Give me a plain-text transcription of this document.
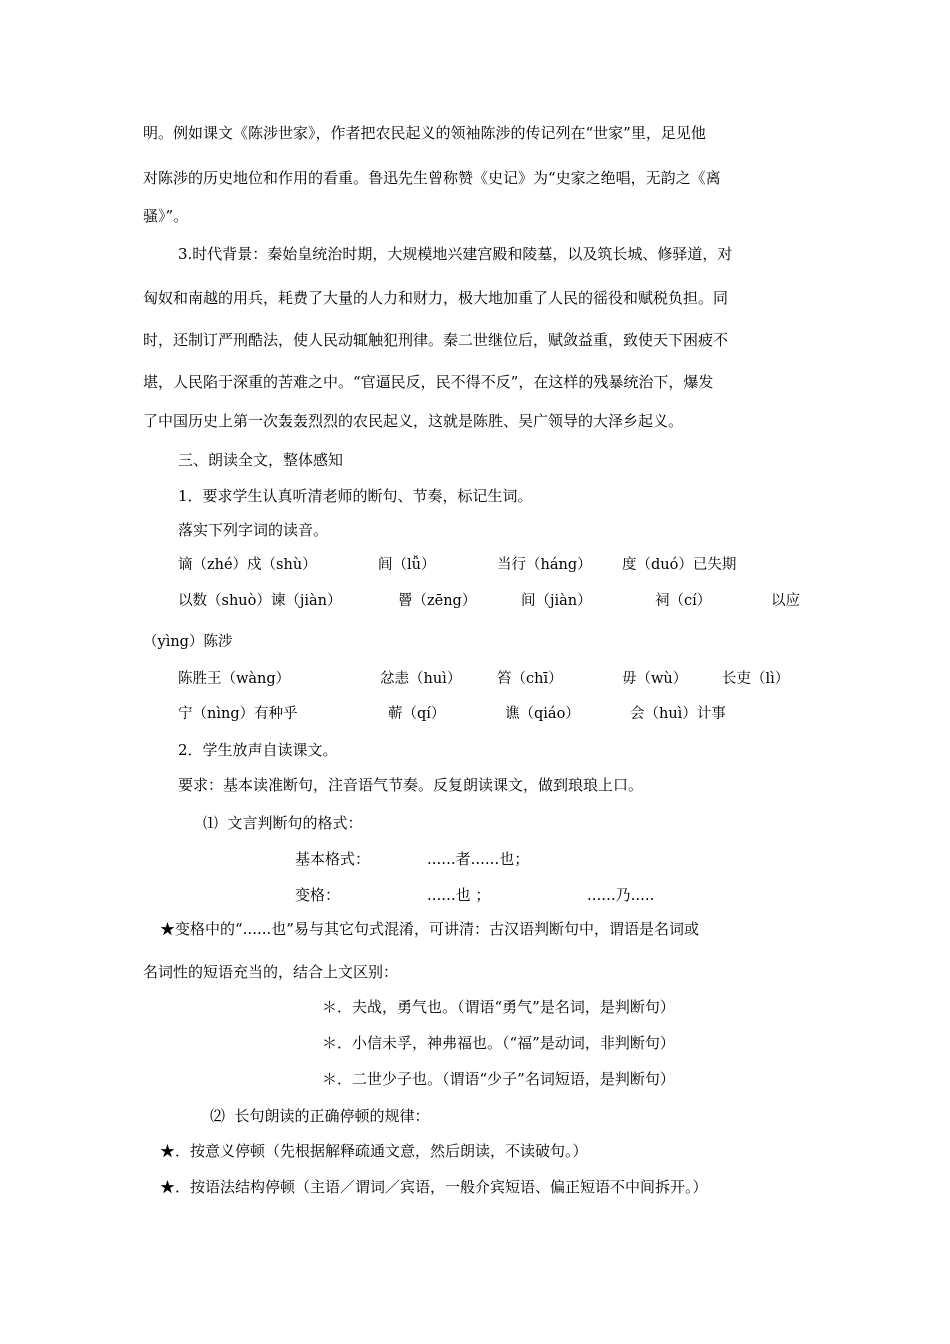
明。例如课文《陈涉世家》，作者把农民起义的领袖陈涉的传记列在“世家”里，足见他
对陈涉的历史地位和作用的看重。鲁迅先生曾称赞《史记》为“史家之绝唱，无韵之《离
骚》”。
3.时代背景：秦始皇统治时期，大规模地兴建宫殿和陵墓，以及筑长城、修驿道，对
匈奴和南越的用兵，耗费了大量的人力和财力，极大地加重了人民的徭役和赋税负担。同
时，还制订严刑酷法，使人民动辄触犯刑律。秦二世继位后，赋敛益重，致使天下困疲不
堪，人民陷于深重的苦难之中。“官逼民反，民不得不反”，在这样的残暴统治下，爆发
了中国历史上第一次轰轰烈烈的农民起义，这就是陈胜、吴广领导的大泽乡起义。
三、朗读全文，整体感知
1．要求学生认真听清老师的断句、节奏，标记生词。
落实下列字词的读音。
谪（zhé）戍（shù）	闾（lǚ）	当行（háng） 度（duó）已失期
以数（shuò）谏（jiàn）	罾（zēng）	间（jiàn）	祠（cí）	以应
（yìng）陈涉
陈胜王（wàng）	忿恚（huì） 笞（chī）	毋（wù） 长吏（lì）
宁（nìng）有种乎	蕲（qí）	谯（qiáo）	会（huì）计事
2．学生放声自读课文。
要求：基本读准断句，注音语气节奏。反复朗读课文，做到琅琅上口。
⑴  文言判断句的格式：
基本格式：	......者......也；
变格：	......也 ；	......乃.....
★变格中的“......也”易与其它句式混淆，可讲清：古汉语判断句中，谓语是名词或
名词性的短语充当的，结合上文区别：
＊．夫战，勇气也。（谓语“勇气”是名词，是判断句）
＊．小信未孚，神弗福也。（“福”是动词，非判断句）
＊．二世少子也。（谓语“少子”名词短语，是判断句）
⑵  长句朗读的正确停顿的规律：
★．按意义停顿（先根据解释疏通文意，然后朗读，不读破句。）
★．按语法结构停顿（主语／谓词／宾语，一般介宾短语、偏正短语不中间拆开。）
